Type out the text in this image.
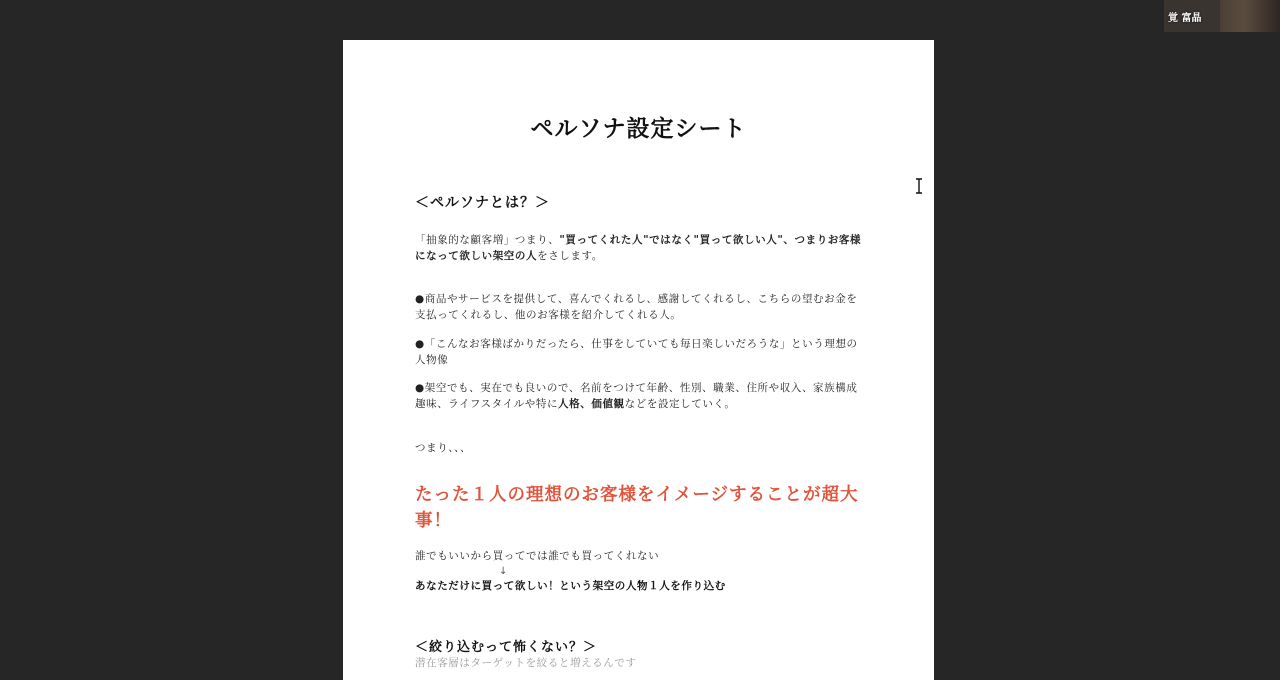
ペルソナ設定シート
＜ペルソナとは？＞
「抽象的な顧客増」つまり、"買ってくれた人"ではなく"買って欲しい人"、つまりお客様になって欲しい架空の人をさします。
●商品やサービスを提供して、喜んでくれるし、感謝してくれるし、こちらの望むお金を支払ってくれるし、他のお客様を紹介してくれる人。
●「こんなお客様ばかりだったら、仕事をしていても毎日楽しいだろうな」という理想の人物像
●架空でも、実在でも良いので、名前をつけて年齢、性別、職業、住所や収入、家族構成趣味、ライフスタイルや特に人格、価値観などを設定していく。
つまり、、、
たった１人の理想のお客様をイメージすることが超大事！
誰でもいいから買ってでは誰でも買ってくれない
↓
あなただけに買って欲しい！という架空の人物１人を作り込む
＜絞り込むって怖くない？＞
潜在客層はターゲットを絞ると増えるんです
覚 富晶
